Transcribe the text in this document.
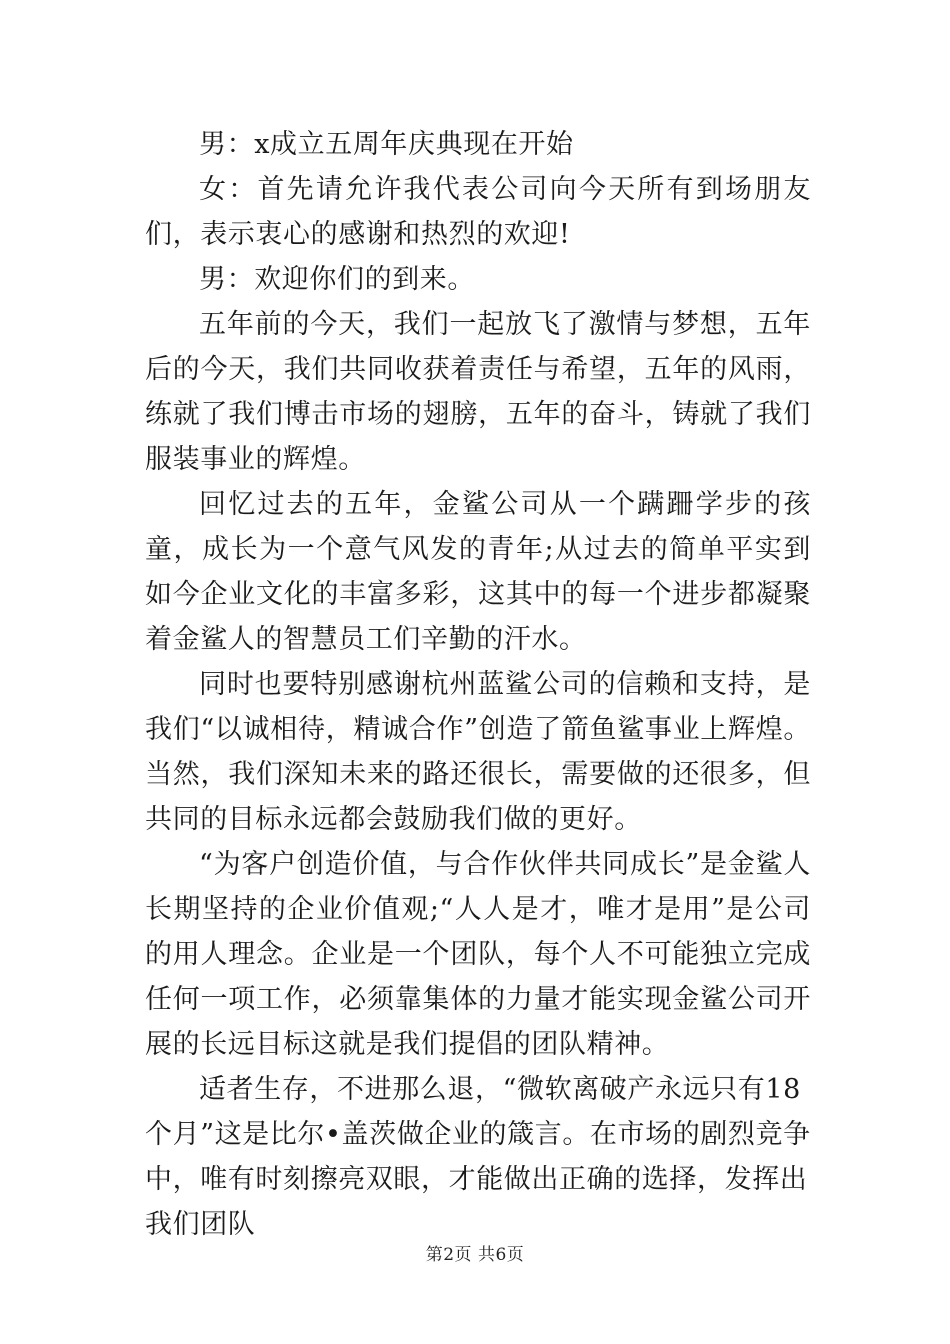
男：x成立五周年庆典现在开始

女：首先请允许我代表公司向今天所有到场朋友们，表示衷心的感谢和热烈的欢迎!

男：欢迎你们的到来。

五年前的今天，我们一起放飞了激情与梦想，五年后的今天，我们共同收获着责任与希望，五年的风雨，练就了我们博击市场的翅膀，五年的奋斗，铸就了我们服装事业的辉煌。

回忆过去的五年，金鲨公司从一个蹒跚学步的孩童，成长为一个意气风发的青年;从过去的简单平实到如今企业文化的丰富多彩，这其中的每一个进步都凝聚着金鲨人的智慧员工们辛勤的汗水。

同时也要特别感谢杭州蓝鲨公司的信赖和支持，是我们“以诚相待，精诚合作”创造了箭鱼鲨事业上辉煌。当然，我们深知未来的路还很长，需要做的还很多，但共同的目标永远都会鼓励我们做的更好。

“为客户创造价值，与合作伙伴共同成长”是金鲨人长期坚持的企业价值观;“人人是才，唯才是用”是公司的用人理念。企业是一个团队，每个人不可能独立完成任何一项工作，必须靠集体的力量才能实现金鲨公司开展的长远目标这就是我们提倡的团队精神。

适者生存，不进那么退，“微软离破产永远只有18个月”这是比尔•盖茨做企业的箴言。在市场的剧烈竞争中，唯有时刻擦亮双眼，才能做出正确的选择，发挥出我们团队

第2页 共6页
